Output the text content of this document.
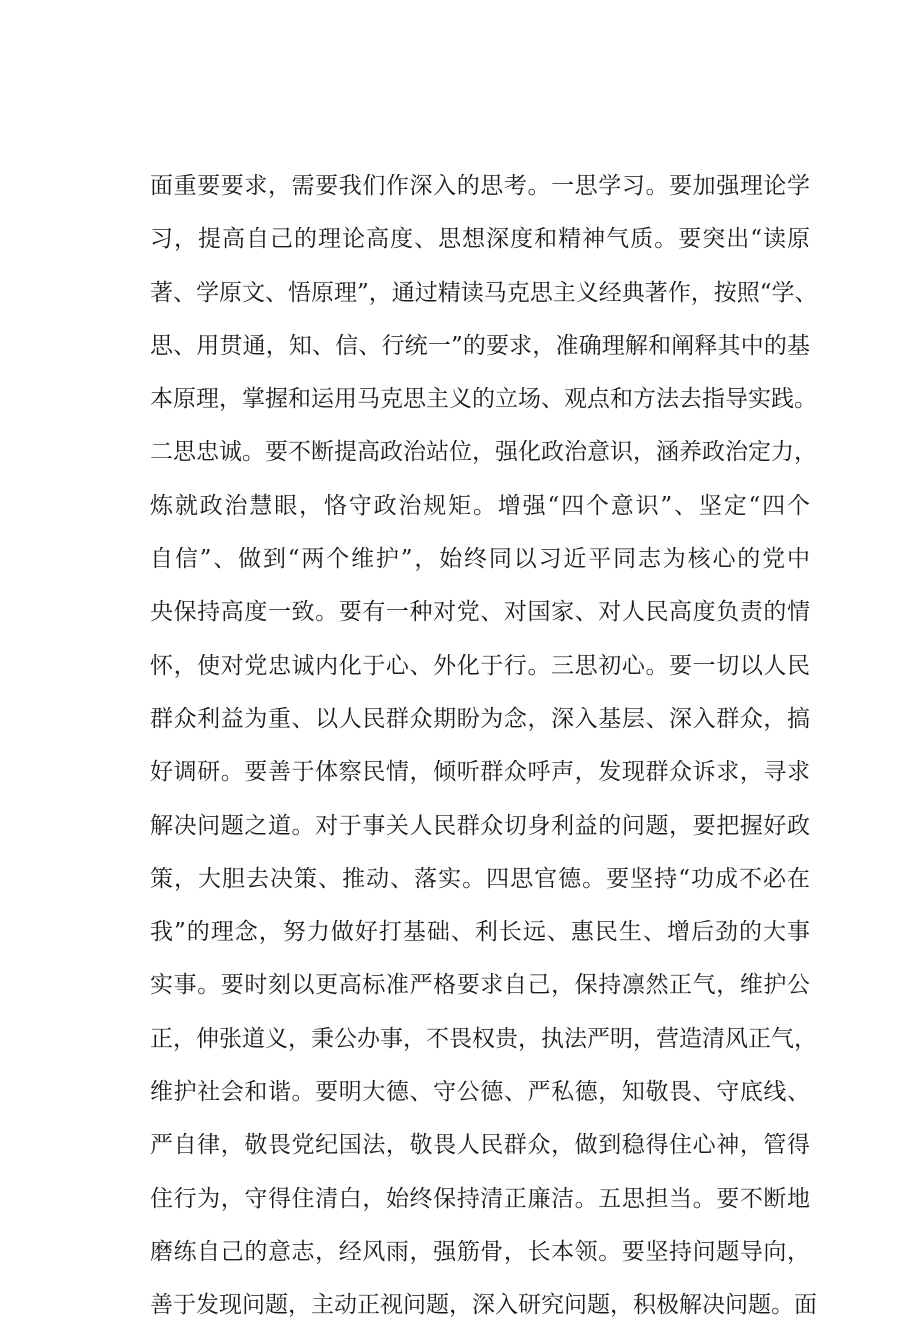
面重要要求，需要我们作深入的思考。一思学习。要加强理论学
习，提高自己的理论高度、思想深度和精神气质。要突出“读原
著、学原文、悟原理”，通过精读马克思主义经典著作，按照“学、
思、用贯通，知、信、行统一”的要求，准确理解和阐释其中的基
本原理，掌握和运用马克思主义的立场、观点和方法去指导实践。
二思忠诚。要不断提高政治站位，强化政治意识，涵养政治定力，
炼就政治慧眼，恪守政治规矩。增强“四个意识”、坚定“四个
自信”、做到“两个维护”，始终同以习近平同志为核心的党中
央保持高度一致。要有一种对党、对国家、对人民高度负责的情
怀，使对党忠诚内化于心、外化于行。三思初心。要一切以人民
群众利益为重、以人民群众期盼为念，深入基层、深入群众，搞
好调研。要善于体察民情，倾听群众呼声，发现群众诉求，寻求
解决问题之道。对于事关人民群众切身利益的问题，要把握好政
策，大胆去决策、推动、落实。四思官德。要坚持“功成不必在
我”的理念，努力做好打基础、利长远、惠民生、增后劲的大事
实事。要时刻以更高标准严格要求自己，保持凛然正气，维护公
正，伸张道义，秉公办事，不畏权贵，执法严明，营造清风正气，
维护社会和谐。要明大德、守公德、严私德，知敬畏、守底线、
严自律，敬畏党纪国法，敬畏人民群众，做到稳得住心神，管得
住行为，守得住清白，始终保持清正廉洁。五思担当。要不断地
磨练自己的意志，经风雨，强筋骨，长本领。要坚持问题导向，
善于发现问题，主动正视问题，深入研究问题，积极解决问题。面
